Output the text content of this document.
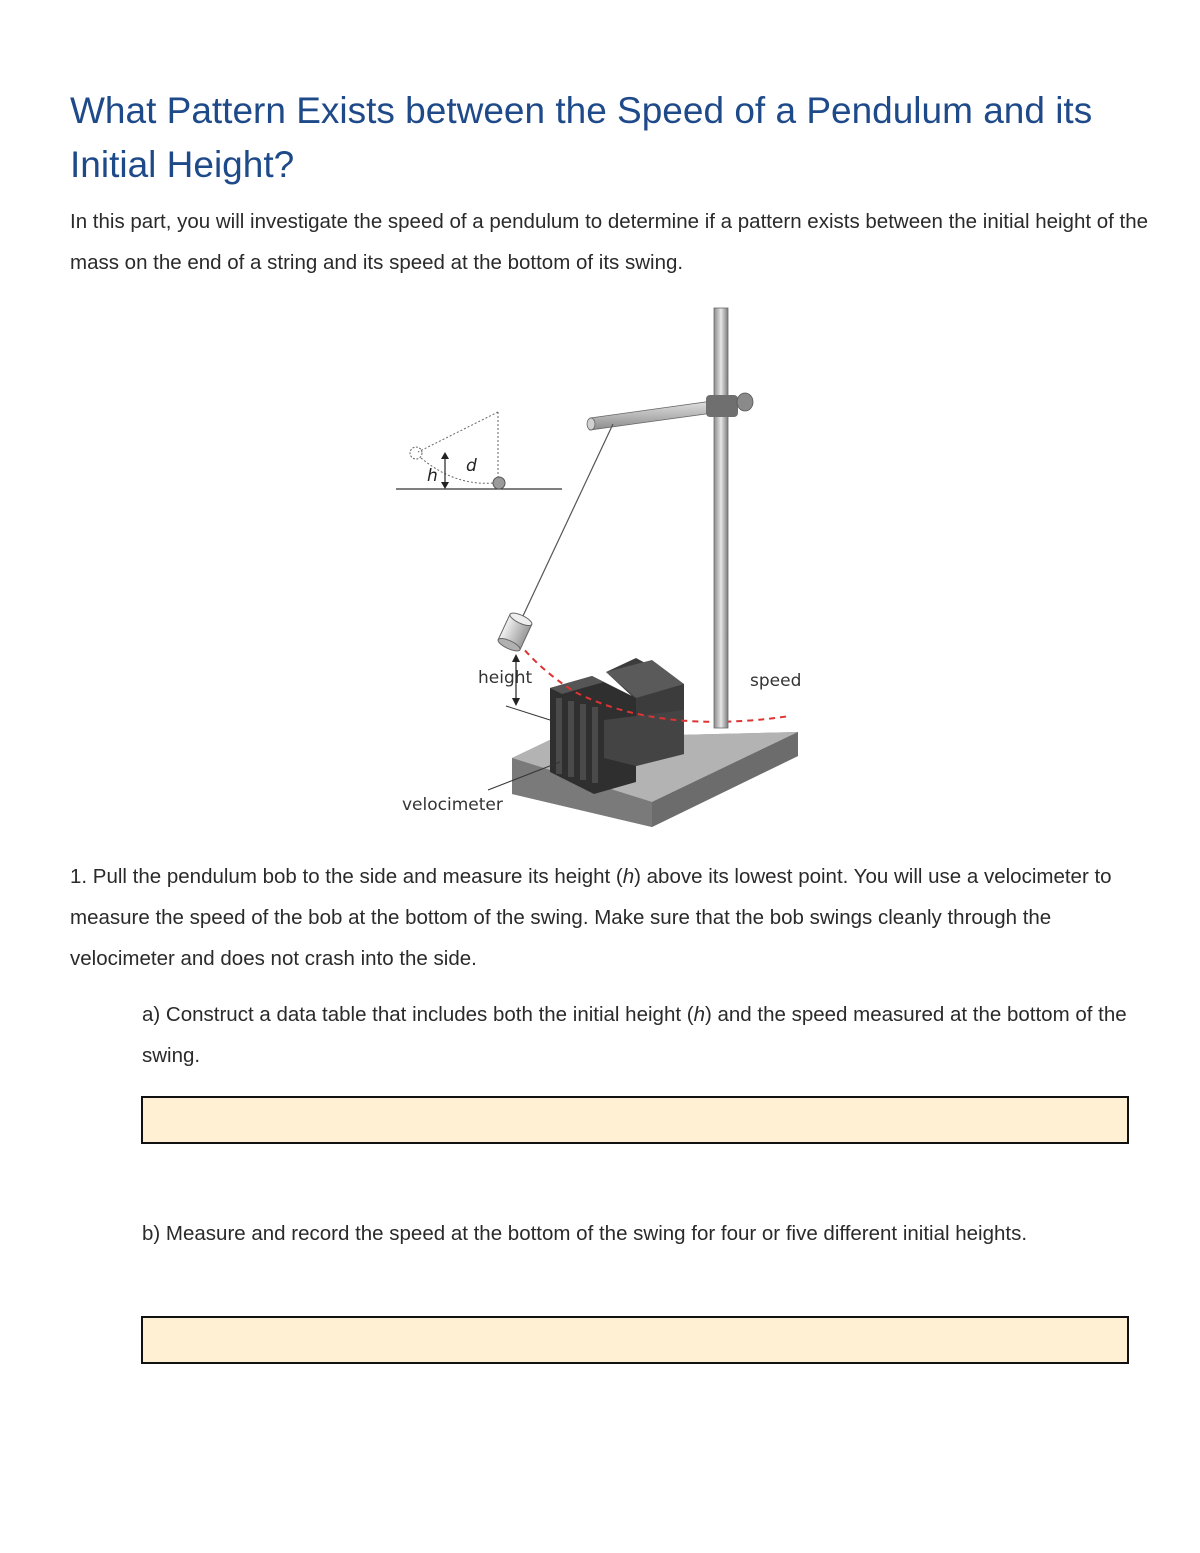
What Pattern Exists between the Speed of a Pendulum and its Initial Height?

In this part, you will investigate the speed of a pendulum to determine if a pattern exists between the initial height of the mass on the end of a string and its speed at the bottom of its swing.

h d
height	speed
velocimeter

1. Pull the pendulum bob to the side and measure its height (h) above its lowest point. You will use a velocimeter to measure the speed of the bob at the bottom of the swing. Make sure that the bob swings cleanly through the velocimeter and does not crash into the side.

a) Construct a data table that includes both the initial height (h) and the speed measured at the bottom of the swing.

b) Measure and record the speed at the bottom of the swing for four or five different initial heights.
